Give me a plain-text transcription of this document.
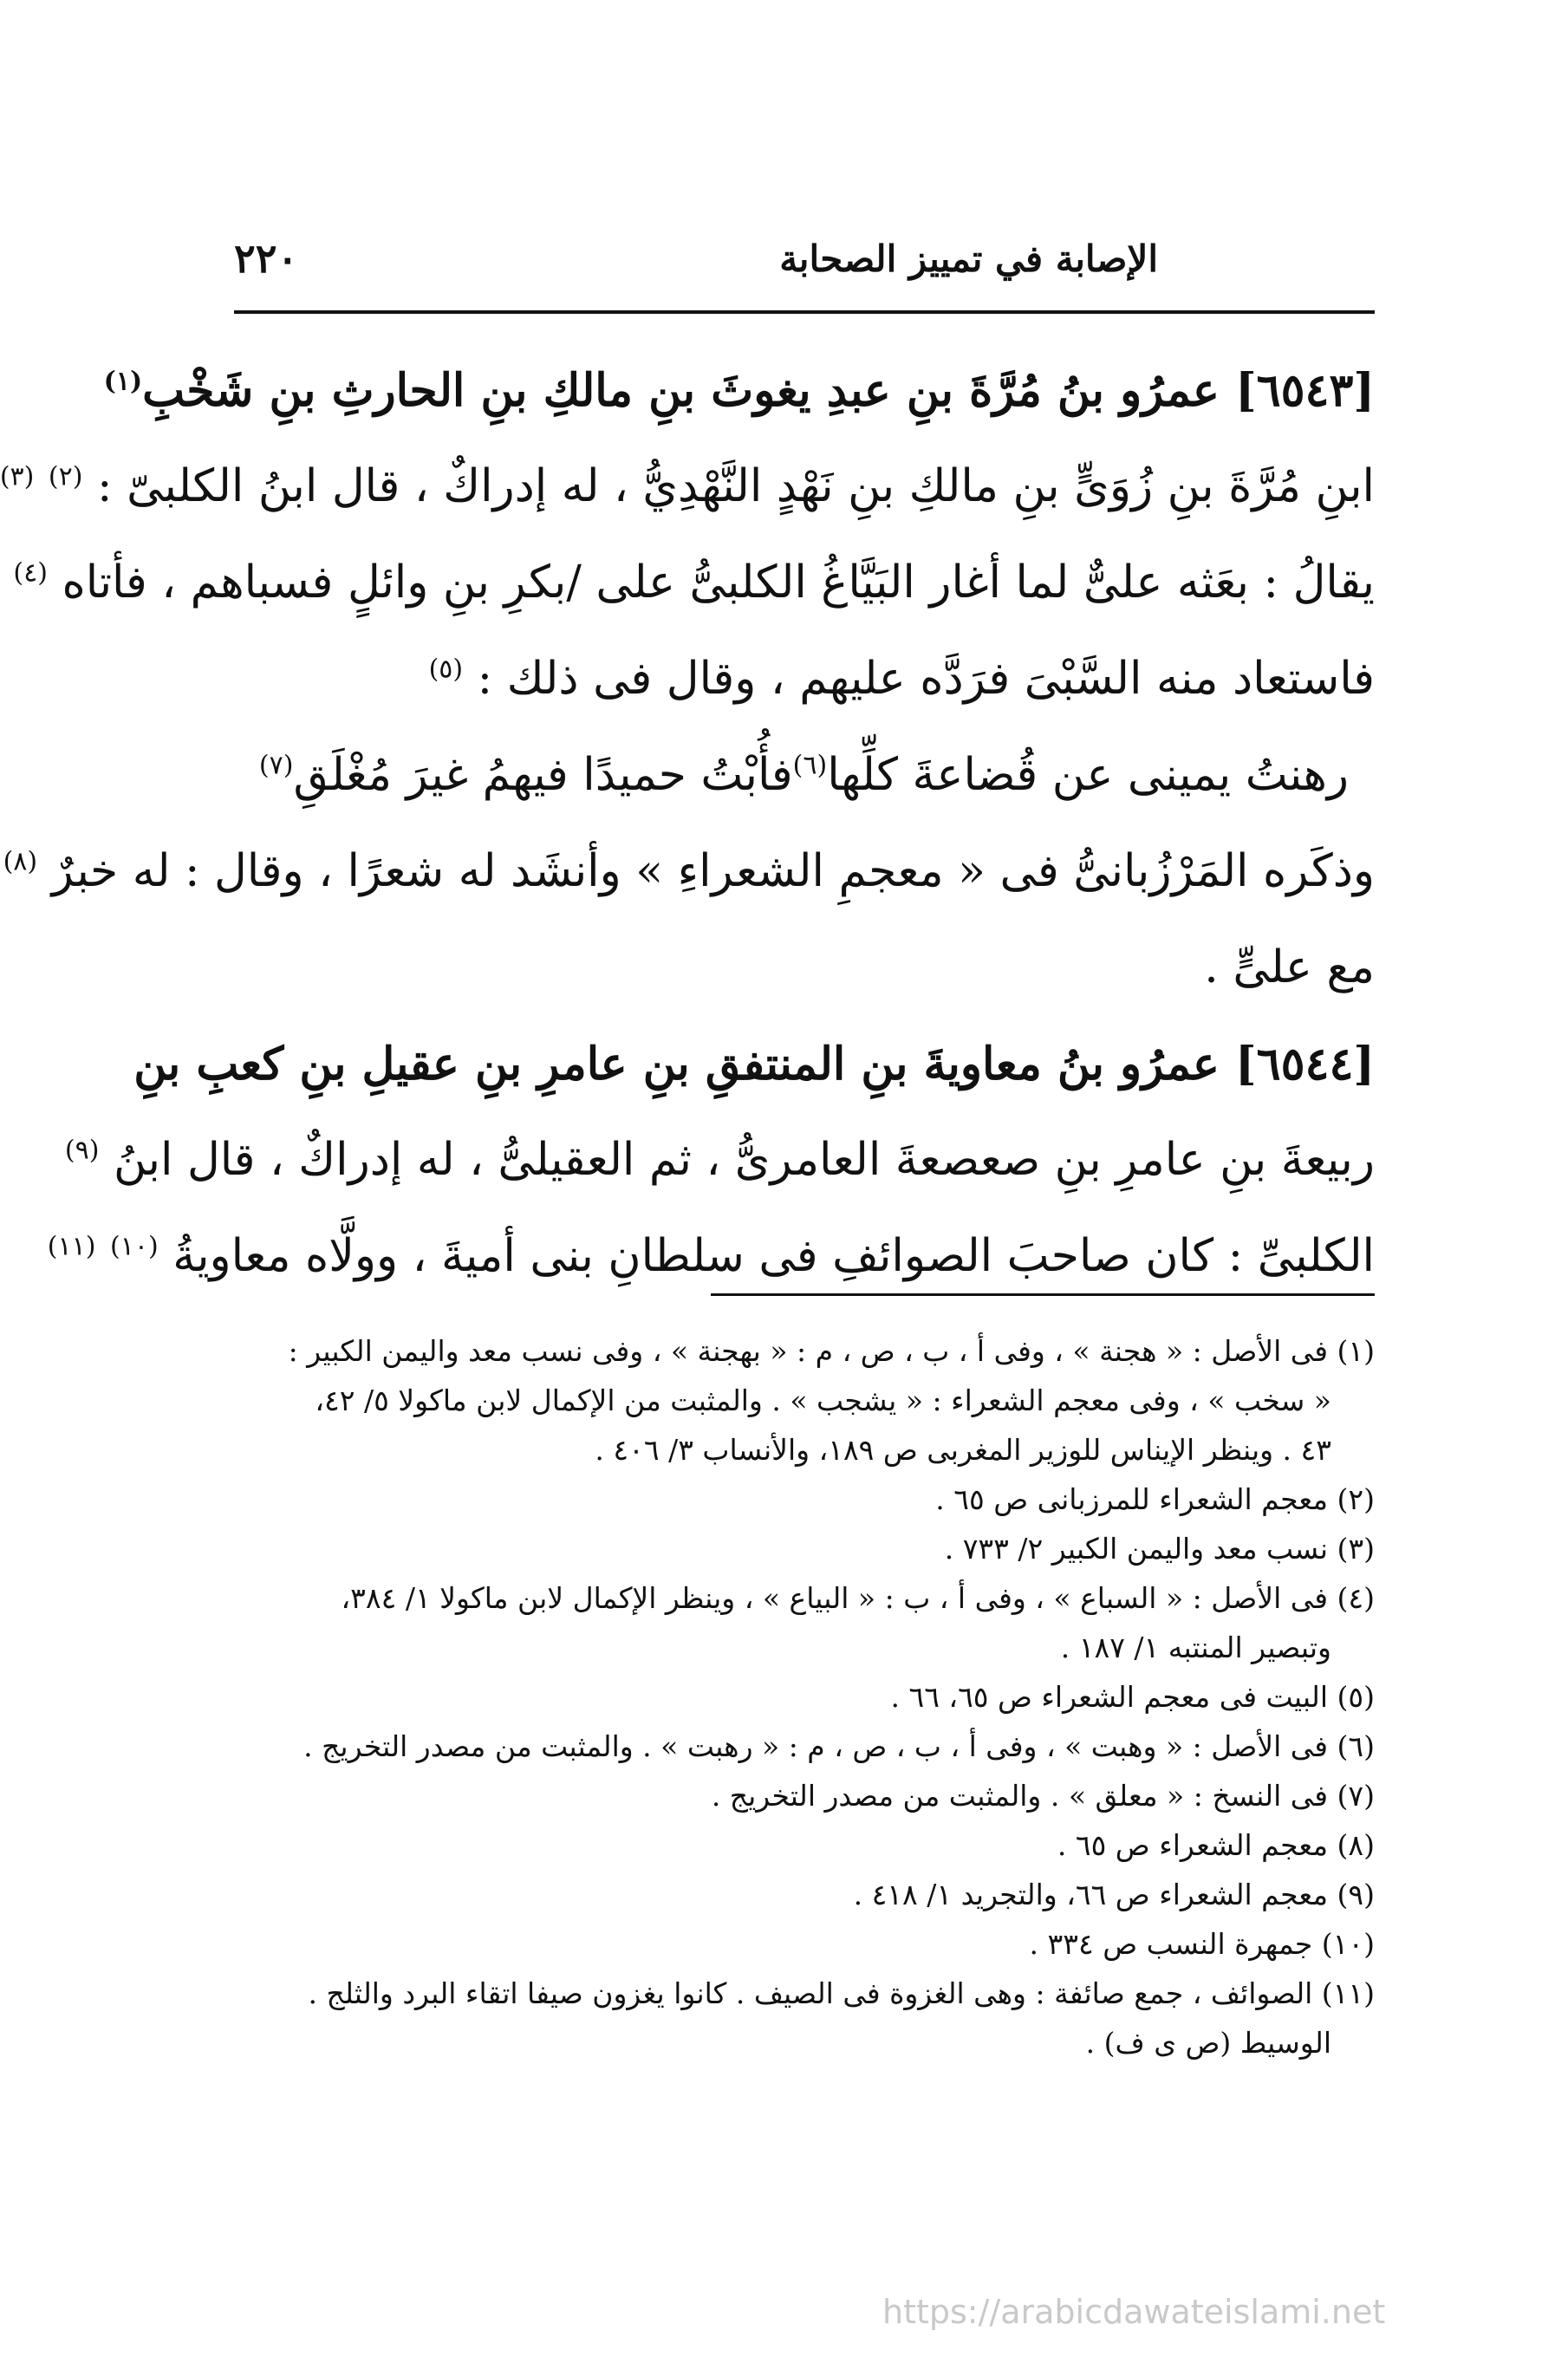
الإصابة في تمييز الصحابة
٢٢٠
[٦٥٤٣] عمرُو بنُ مُرَّةَ بنِ عبدِ يغوثَ بنِ مالكِ بنِ الحارثِ بنِ شَخْبِ$^{(١)}$
ابنِ مُرَّةَ بنِ زُوَىٍّ بنِ مالكِ بنِ نَهْدٍ النَّهْدِيُّ ، له إدراكٌ ، قال ابنُ الكلبىّ : $^{(٢)}$ $^{(٣)}$
يقالُ : بعَثه علىٌّ لما أغار البَيَّاغُ الكلبىُّ على /بكرِ بنِ وائلٍ فسباهم ، فأتاه $^{(٤)}$
فاستعاد منه السَّبْىَ فرَدَّه عليهم ، وقال فى ذلك : $^{(٥)}$
رهنتُ يمينى عن قُضاعةَ كلِّها$^{(٦)}$
فأُبْتُ حميدًا فيهمُ غيرَ مُغْلَقِ$^{(٧)}$
وذكَره المَرْزُبانىُّ فى « معجمِ الشعراءِ » وأنشَد له شعرًا ، وقال : له خبرٌ $^{(٨)}$
مع علىٍّ .
[٦٥٤٤] عمرُو بنُ معاويةَ بنِ المنتفقِ بنِ عامرِ بنِ عقيلِ بنِ كعبِ بنِ
ربيعةَ بنِ عامرِ بنِ صعصعةَ العامرىُّ ، ثم العقيلىُّ ، له إدراكٌ ، قال ابنُ $^{(٩)}$
الكلبىِّ : كان صاحبَ الصوائفِ فى سلطانِ بنى أميةَ ، وولَّاه معاويةُ $^{(١٠)}$ $^{(١١)}$
(١) فى الأصل : « هجنة » ، وفى أ ، ب ، ص ، م : « بهجنة » ، وفى نسب معد واليمن الكبير :
« سخب » ، وفى معجم الشعراء : « يشجب » . والمثبت من الإكمال لابن ماكولا ٥/ ٤٢،
٤٣ . وينظر الإيناس للوزير المغربى ص ١٨٩، والأنساب ٣/ ٤٠٦ .
(٢) معجم الشعراء للمرزبانى ص ٦٥ .
(٣) نسب معد واليمن الكبير ٢/ ٧٣٣ .
(٤) فى الأصل : « السباع » ، وفى أ ، ب : « البياع » ، وينظر الإكمال لابن ماكولا ١/ ٣٨٤،
وتبصير المنتبه ١/ ١٨٧ .
(٥) البيت فى معجم الشعراء ص ٦٥، ٦٦ .
(٦) فى الأصل : « وهبت » ، وفى أ ، ب ، ص ، م : « رهبت » . والمثبت من مصدر التخريج .
(٧) فى النسخ : « معلق » . والمثبت من مصدر التخريج .
(٨) معجم الشعراء ص ٦٥ .
(٩) معجم الشعراء ص ٦٦، والتجريد ١/ ٤١٨ .
(١٠) جمهرة النسب ص ٣٣٤ .
(١١) الصوائف ، جمع صائفة : وهى الغزوة فى الصيف . كانوا يغزون صيفا اتقاء البرد والثلج .
الوسيط (ص ى ف) .
https://arabicdawateislami.net
